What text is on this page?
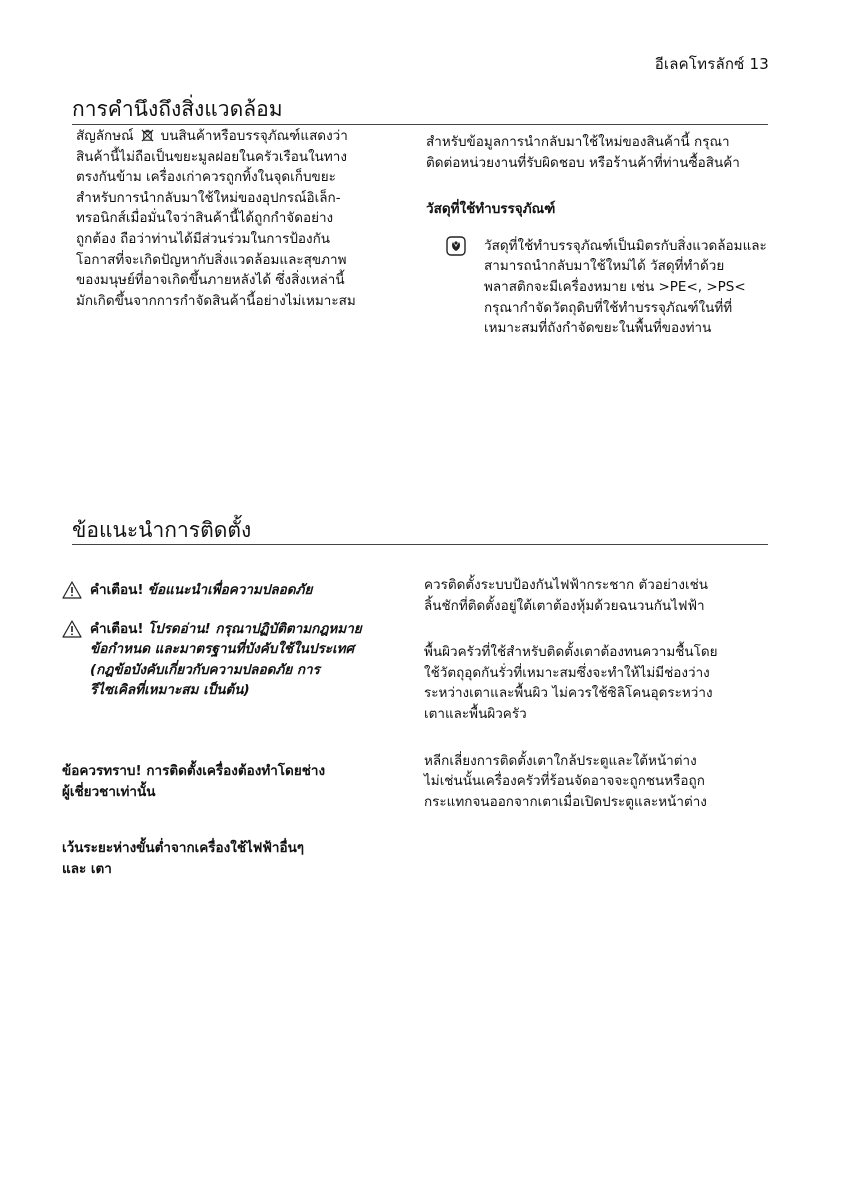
อีเลคโทรลักซ์ 13
การคำนึงถึงสิ่งแวดล้อม

สัญลักษณ์ บนสินค้าหรือบรรจุภัณฑ์แสดงว่า

สินค้านี้ไม่ถือเป็นขยะมูลฝอยในครัวเรือนในทาง

ตรงกันข้าม เครื่องเก่าควรถูกทิ้งในจุดเก็บขยะ

สำหรับการนำกลับมาใช้ใหม่ของอุปกรณ์อิเล็ก-

ทรอนิกส์เมื่อมั่นใจว่าสินค้านี้ได้ถูกกำจัดอย่าง

ถูกต้อง ถือว่าท่านได้มีส่วนร่วมในการป้องกัน

โอกาสที่จะเกิดปัญหากับสิ่งแวดล้อมและสุขภาพ

ของมนุษย์ที่อาจเกิดขึ้นภายหลังได้ ซึ่งสิ่งเหล่านี้

มักเกิดขึ้นจากการกำจัดสินค้านี้อย่างไม่เหมาะสม

สำหรับข้อมูลการนำกลับมาใช้ใหม่ของสินค้านี้ กรุณา

ติดต่อหน่วยงานที่รับผิดชอบ หรือร้านค้าที่ท่านซื้อสินค้า

วัสดุที่ใช้ทำบรรจุภัณฑ์

วัสดุที่ใช้ทำบรรจุภัณฑ์เป็นมิตรกับสิ่งแวดล้อมและ

สามารถนำกลับมาใช้ใหม่ได้ วัสดุที่ทำด้วย

พลาสติกจะมีเครื่องหมาย เช่น >PE<, >PS<

กรุณากำจัดวัตถุดิบที่ใช้ทำบรรจุภัณฑ์ในที่ที่

เหมาะสมที่ถังกำจัดขยะในพื้นที่ของท่าน

ข้อแนะนำการติดตั้ง
คำเตือน! ข้อแนะนำเพื่อความปลอดภัย

คำเตือน! โปรดอ่าน! กรุณาปฏิบัติตามกฎหมาย

ข้อกำหนด และมาตรฐานที่บังคับใช้ในประเทศ

(กฎข้อบังคับเกี่ยวกับความปลอดภัย การ

รีไซเคิลที่เหมาะสม เป็นต้น)

ข้อควรทราบ! การติดตั้งเครื่องต้องทำโดยช่าง

ผู้เชี่ยวชาเท่านั้น

เว้นระยะห่างขั้นต่ำจากเครื่องใช้ไฟฟ้าอื่นๆ

และ เตา

ควรติดตั้งระบบป้องกันไฟฟ้ากระชาก ตัวอย่างเช่น

ลิ้นชักที่ติดตั้งอยู่ใต้เตาต้องหุ้มด้วยฉนวนกันไฟฟ้า

พื้นผิวครัวที่ใช้สำหรับติดตั้งเตาต้องทนความชื้นโดย

ใช้วัตถุอุดกันรั่วที่เหมาะสมซึ่งจะทำให้ไม่มีช่องว่าง

ระหว่างเตาและพื้นผิว ไม่ควรใช้ซิลิโคนอุดระหว่าง

เตาและพื้นผิวครัว

หลีกเลี่ยงการติดตั้งเตาใกล้ประตูและใต้หน้าต่าง

ไม่เช่นนั้นเครื่องครัวที่ร้อนจัดอาจจะถูกชนหรือถูก

กระแทกจนออกจากเตาเมื่อเปิดประตูและหน้าต่าง
